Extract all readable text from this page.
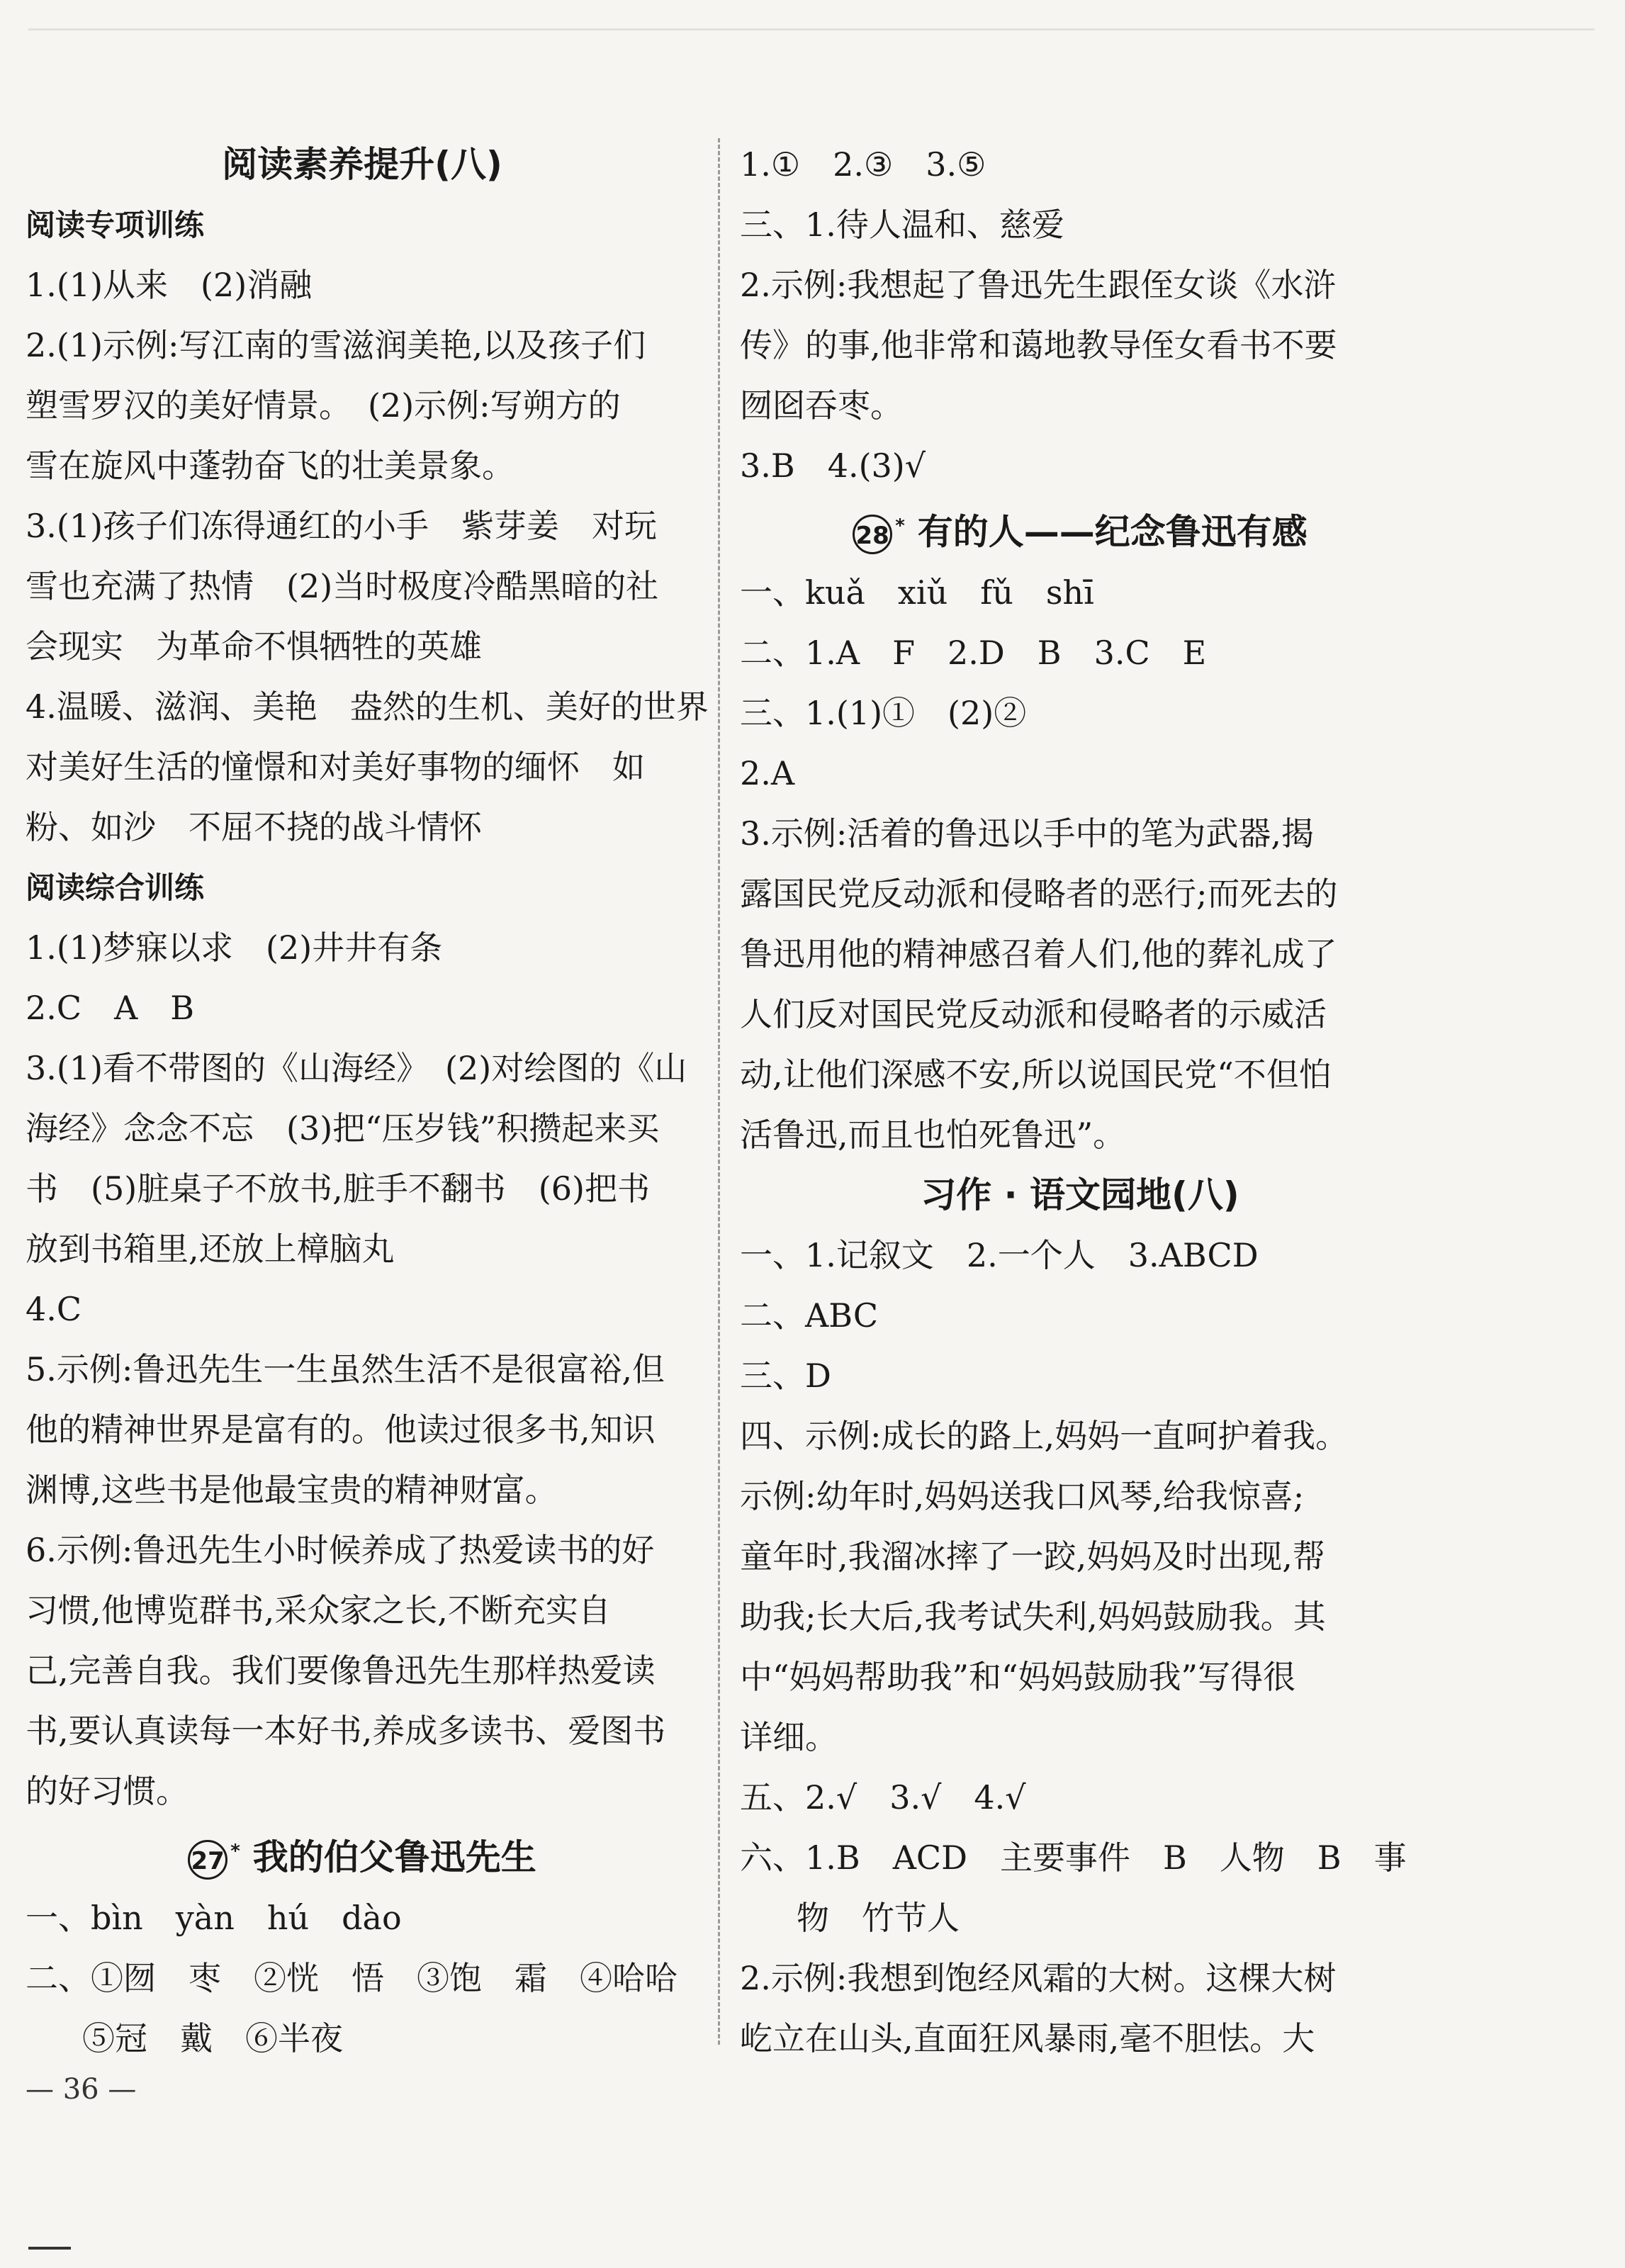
阅读素养提升(八)
阅读专项训练
1.(1)从来　(2)消融
2.(1)示例:写江南的雪滋润美艳,以及孩子们
塑雪罗汉的美好情景。　(2)示例:写朔方的
雪在旋风中蓬勃奋飞的壮美景象。
3.(1)孩子们冻得通红的小手　紫芽姜　对玩
雪也充满了热情　(2)当时极度冷酷黑暗的社
会现实　为革命不惧牺牲的英雄
4.温暖、滋润、美艳　盎然的生机、美好的世界
对美好生活的憧憬和对美好事物的缅怀　如
粉、如沙　不屈不挠的战斗情怀
阅读综合训练
1.(1)梦寐以求　(2)井井有条
2.C　A　B
3.(1)看不带图的《山海经》　(2)对绘图的《山
海经》念念不忘　(3)把“压岁钱”积攒起来买
书　(5)脏桌子不放书,脏手不翻书　(6)把书
放到书箱里,还放上樟脑丸
4.C
5.示例:鲁迅先生一生虽然生活不是很富裕,但
他的精神世界是富有的。他读过很多书,知识
渊博,这些书是他最宝贵的精神财富。
6.示例:鲁迅先生小时候养成了热爱读书的好
习惯,他博览群书,采众家之长,不断充实自
己,完善自我。我们要像鲁迅先生那样热爱读
书,要认真读每一本好书,养成多读书、爱图书
的好习惯。
27 * 我的伯父鲁迅先生
一、bìn　yàn　hú　dào
二、①囫　枣　②恍　悟　③饱　霜　④哈哈
⑤冠　戴　⑥半夜
1.①　2.③　3.⑤
三、1.待人温和、慈爱
2.示例:我想起了鲁迅先生跟侄女谈《水浒
传》的事,他非常和蔼地教导侄女看书不要
囫囵吞枣。
3.B　4.(3)√
28 * 有的人——纪念鲁迅有感
一、kuǎ　xiǔ　fǔ　shī
二、1.A　F　2.D　B　3.C　E
三、1.(1)①　(2)②
2.A
3.示例:活着的鲁迅以手中的笔为武器,揭
露国民党反动派和侵略者的恶行;而死去的
鲁迅用他的精神感召着人们,他的葬礼成了
人们反对国民党反动派和侵略者的示威活
动,让他们深感不安,所以说国民党“不但怕
活鲁迅,而且也怕死鲁迅”。
习作 · 语文园地(八)
一、1.记叙文　2.一个人　3.ABCD
二、ABC
三、D
四、示例:成长的路上,妈妈一直呵护着我。
示例:幼年时,妈妈送我口风琴,给我惊喜;
童年时,我溜冰摔了一跤,妈妈及时出现,帮
助我;长大后,我考试失利,妈妈鼓励我。其
中“妈妈帮助我”和“妈妈鼓励我”写得很
详细。
五、2.√　3.√　4.√
六、1.B　ACD　主要事件　B　人物　B　事
物　竹节人
2.示例:我想到饱经风霜的大树。这棵大树
屹立在山头,直面狂风暴雨,毫不胆怯。大
— 36 —
